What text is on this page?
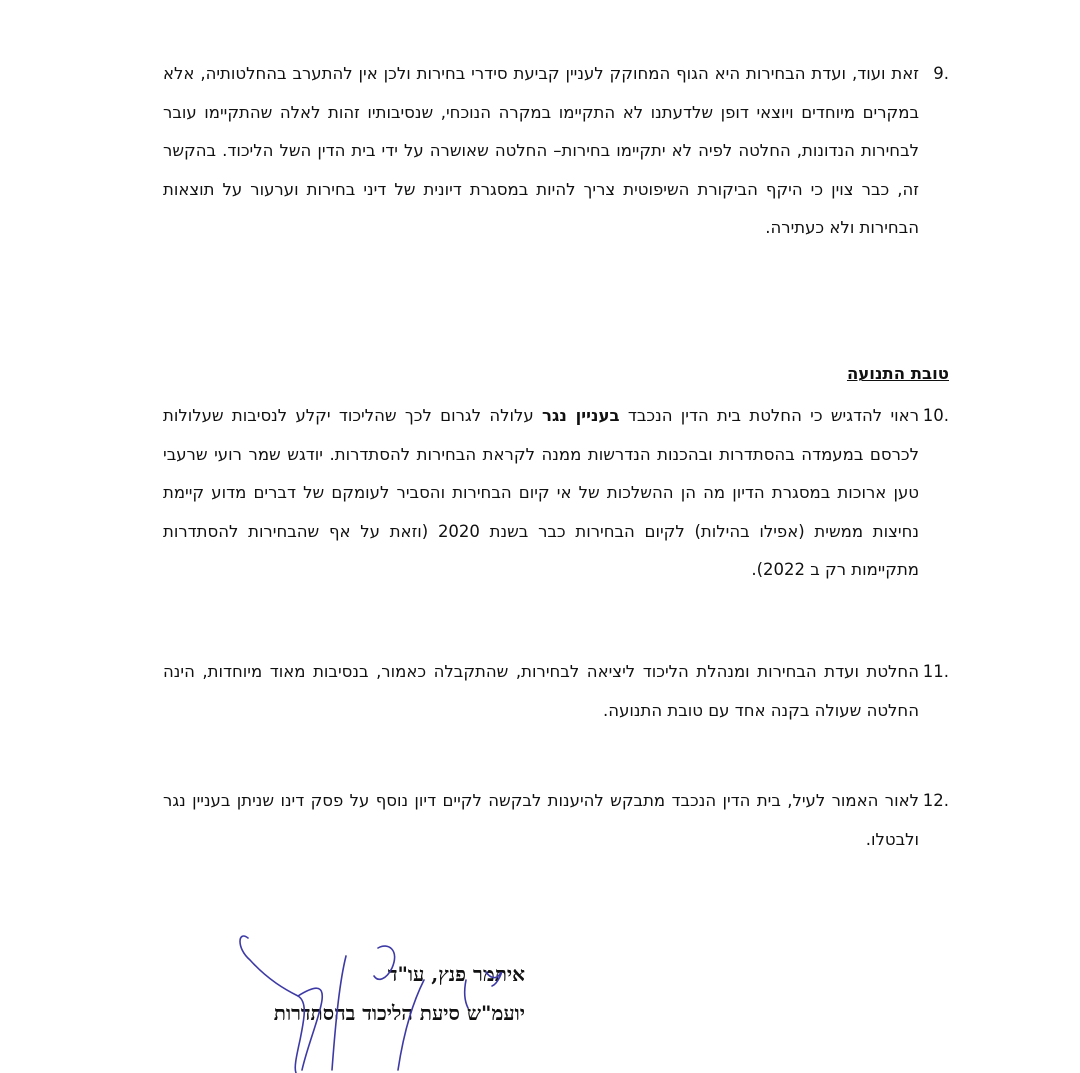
9.
זאת ועוד, ועדת הבחירות היא הגוף המחוקק לעניין קביעת סידרי בחירות ולכן אין להתערב בהחלטותיה, אלא במקרים מיוחדים ויוצאי דופן שלדעתנו לא התקיימו במקרה הנוכחי, שנסיבותיו זהות לאלה שהתקיימו עובר לבחירות הנדונות, החלטה לפיה לא יתקיימו בחירות– החלטה שאושרה על ידי בית הדין השל הליכוד. בהקשר זה, כבר צוין כי היקף הביקורת השיפוטית צריך להיות במסגרת דיונית של דיני בחירות וערעור על תוצאות הבחירות ולא כעתירה.
טובת התנועה
10.
ראוי להדגיש כי החלטת בית הדין הנכבד בעניין נגר עלולה לגרום לכך שהליכוד יקלע לנסיבות שעלולות לכרסם במעמדה בהסתדרות ובהכנות הנדרשות ממנה לקראת הבחירות להסתדרות. יודגש שמר רועי שרעבי טען ארוכות במסגרת הדיון מה הן ההשלכות של אי קיום הבחירות והסביר לעומקם של דברים מדוע קיימת נחיצות ממשית (אפילו בהילות) לקיום הבחירות כבר בשנת 2020 (וזאת על אף שהבחירות להסתדרות מתקיימות רק ב 2022).
11.
החלטת ועדת הבחירות ומנהלת הליכוד ליציאה לבחירות, שהתקבלה כאמור, בנסיבות מאוד מיוחדות, הינה החלטה שעולה בקנה אחד עם טובת התנועה.
12.
לאור האמור לעיל, בית הדין הנכבד מתבקש להיענות לבקשה לקיים דיון נוסף על פסק דינו שניתן בעניין נגר ולבטלו.
איתמר פנץ, עו"ד
יועמ"ש סיעת הליכוד בהסתדרות
